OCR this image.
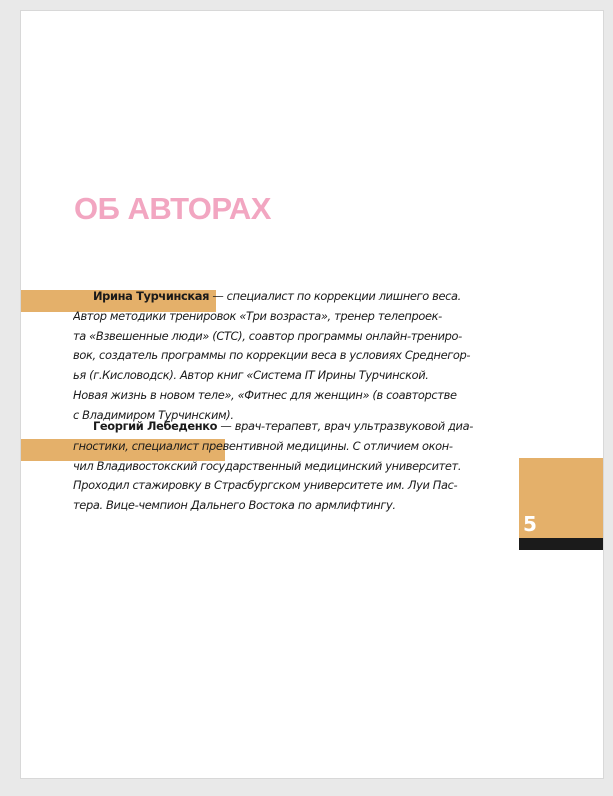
ОБ АВТОРАХ
Ирина Турчинская — специалист по коррекции лишнего веса.
Автор методики тренировок «Три возраста», тренер телепроек-
та «Взвешенные люди» (СТС), соавтор программы онлайн-трениро-
вок, создатель программы по коррекции веса в условиях Среднегор-
ья (г.Кисловодск). Автор книг «Система IT Ирины Турчинской.
Новая жизнь в новом теле», «Фитнес для женщин» (в соавторстве
с Владимиром Турчинским).
Георгий Лебеденко — врач-терапевт, врач ультразвуковой диа-
гностики, специалист превентивной медицины. С отличием окон-
чил Владивостокский государственный медицинский университет.
Проходил стажировку в Страсбургском университете им. Луи Пас-
тера. Вице-чемпион Дальнего Востока по армлифтингу.
5
